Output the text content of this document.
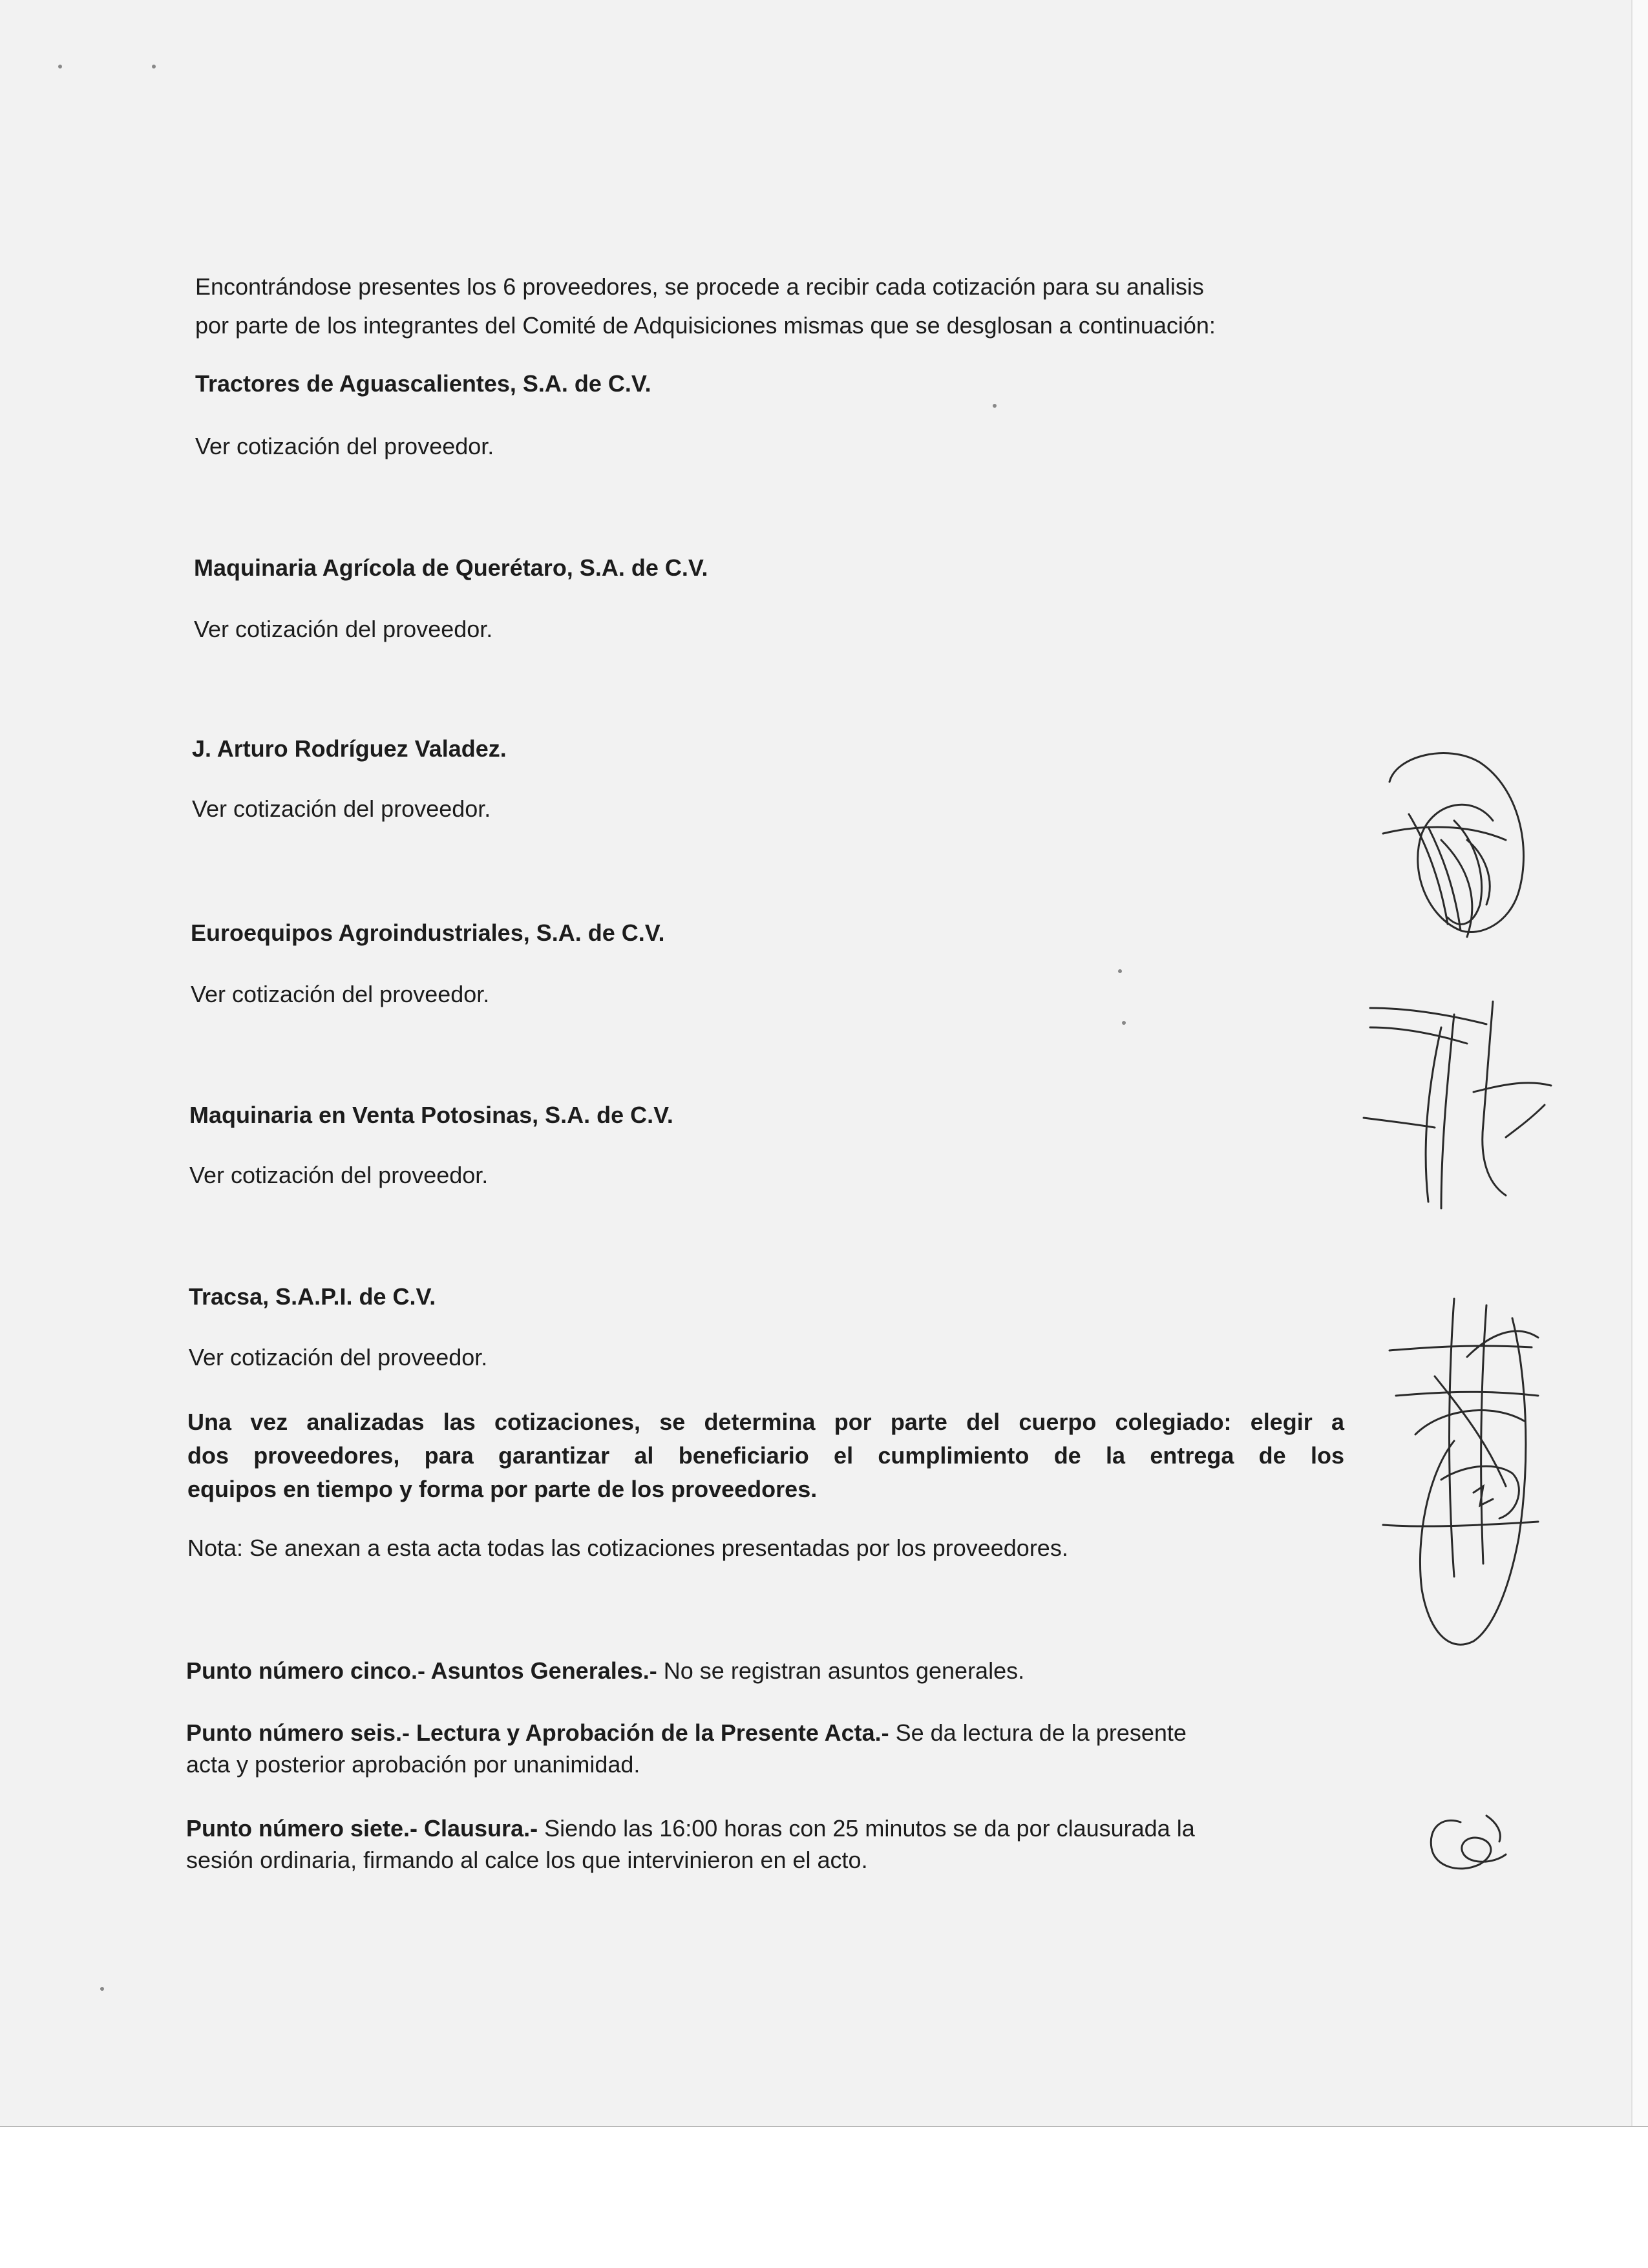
Encontrándose presentes los 6 proveedores, se procede a recibir cada cotización para su analisis
por parte de los integrantes del Comité de Adquisiciones mismas que se desglosan a continuación:
Tractores de Aguascalientes, S.A. de C.V.
Ver cotización del proveedor.
Maquinaria Agrícola de Querétaro, S.A. de C.V.
Ver cotización del proveedor.
J. Arturo Rodríguez Valadez.
Ver cotización del proveedor.
Euroequipos Agroindustriales, S.A. de C.V.
Ver cotización del proveedor.
Maquinaria en Venta Potosinas, S.A. de C.V.
Ver cotización del proveedor.
Tracsa, S.A.P.I. de C.V.
Ver cotización del proveedor.
Una vez analizadas las cotizaciones, se determina por parte del cuerpo colegiado: elegir a
dos proveedores, para garantizar al beneficiario el cumplimiento de la entrega de los
equipos en tiempo y forma por parte de los proveedores.
Nota: Se anexan a esta acta todas las cotizaciones presentadas por los proveedores.
Punto número cinco.- Asuntos Generales.- No se registran asuntos generales.
Punto número seis.- Lectura y Aprobación de la Presente Acta.- Se da lectura de la presente
acta y posterior aprobación por unanimidad.
Punto número siete.- Clausura.- Siendo las 16:00 horas con 25 minutos se da por clausurada la
sesión ordinaria, firmando al calce los que intervinieron en el acto.
